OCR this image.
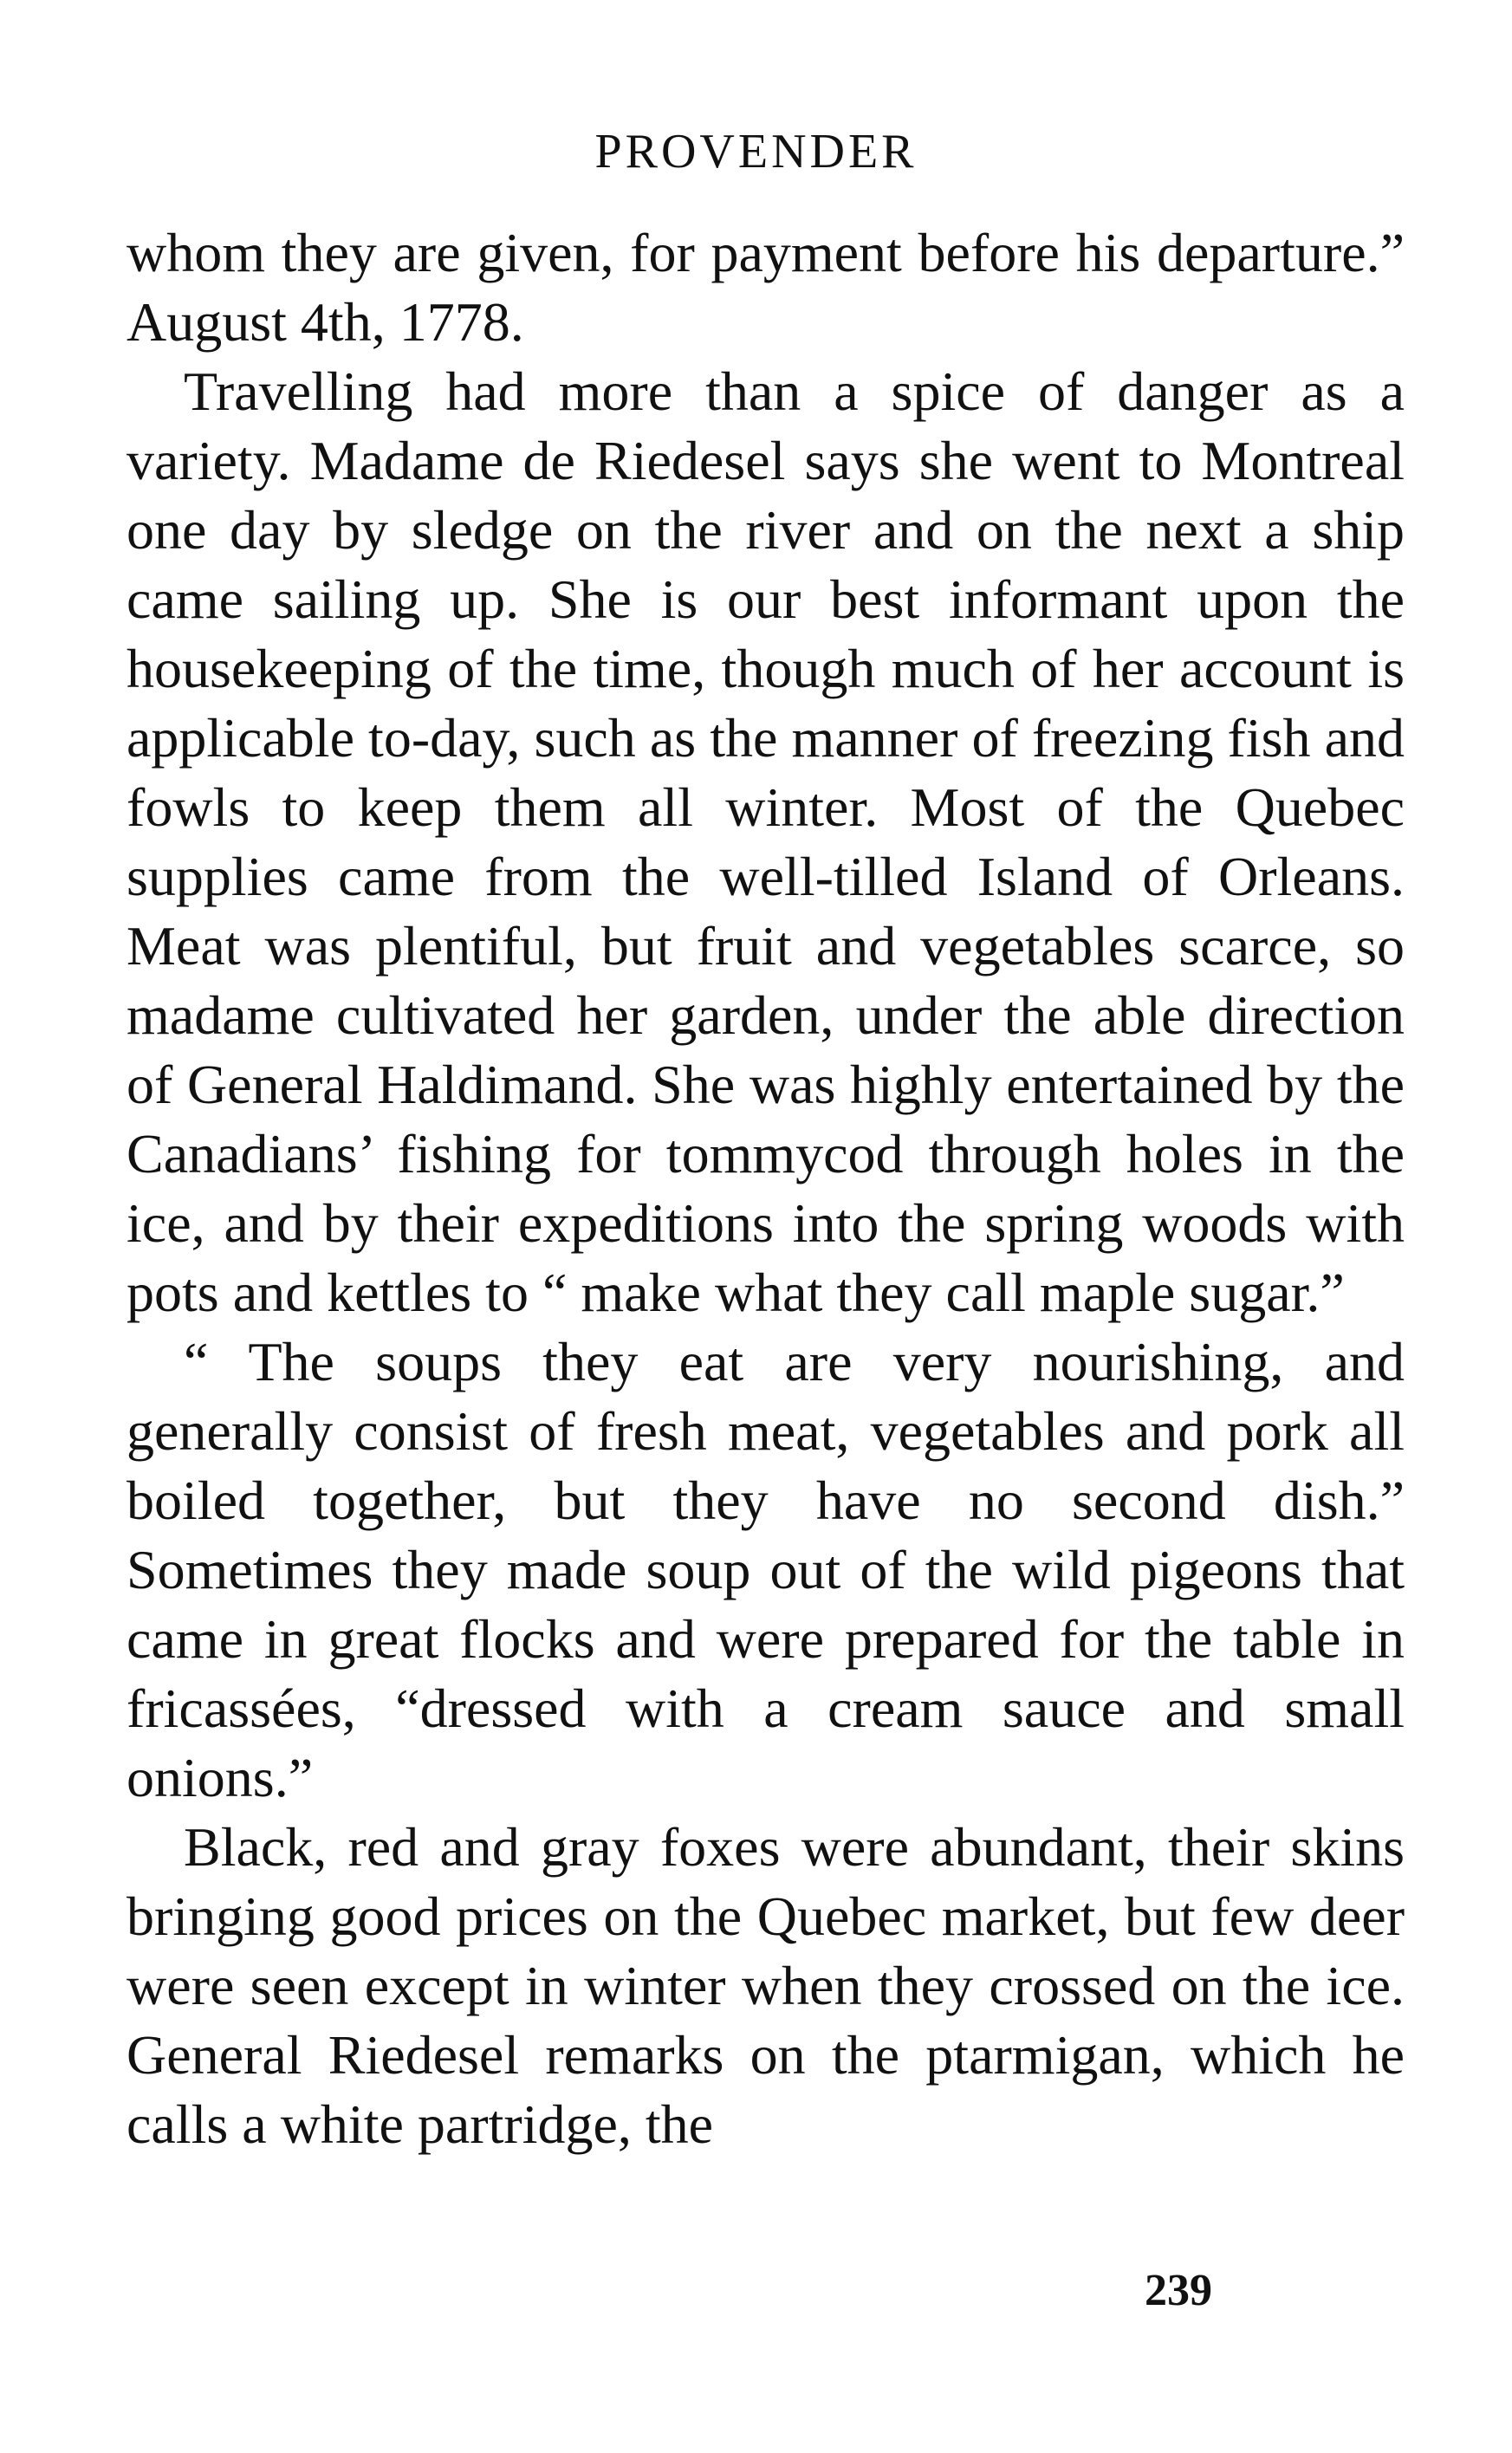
PROVENDER

whom they are given, for payment before his departure.” August 4th, 1778.

Travelling had more than a spice of danger as a variety. Madame de Riedesel says she went to Montreal one day by sledge on the river and on the next a ship came sailing up. She is our best informant upon the housekeeping of the time, though much of her account is applicable to-day, such as the manner of freezing fish and fowls to keep them all winter. Most of the Quebec supplies came from the well-tilled Island of Orleans. Meat was plentiful, but fruit and vegetables scarce, so madame cultivated her garden, under the able direction of General Haldimand. She was highly entertained by the Canadians’ fishing for tommycod through holes in the ice, and by their expeditions into the spring woods with pots and kettles to “ make what they call maple sugar.”

“ The soups they eat are very nourishing, and generally consist of fresh meat, vegetables and pork all boiled together, but they have no second dish.” Sometimes they made soup out of the wild pigeons that came in great flocks and were prepared for the table in fricassées, “dressed with a cream sauce and small onions.”

Black, red and gray foxes were abundant, their skins bringing good prices on the Quebec market, but few deer were seen except in winter when they crossed on the ice. General Riedesel remarks on the ptarmigan, which he calls a white partridge, the

239
